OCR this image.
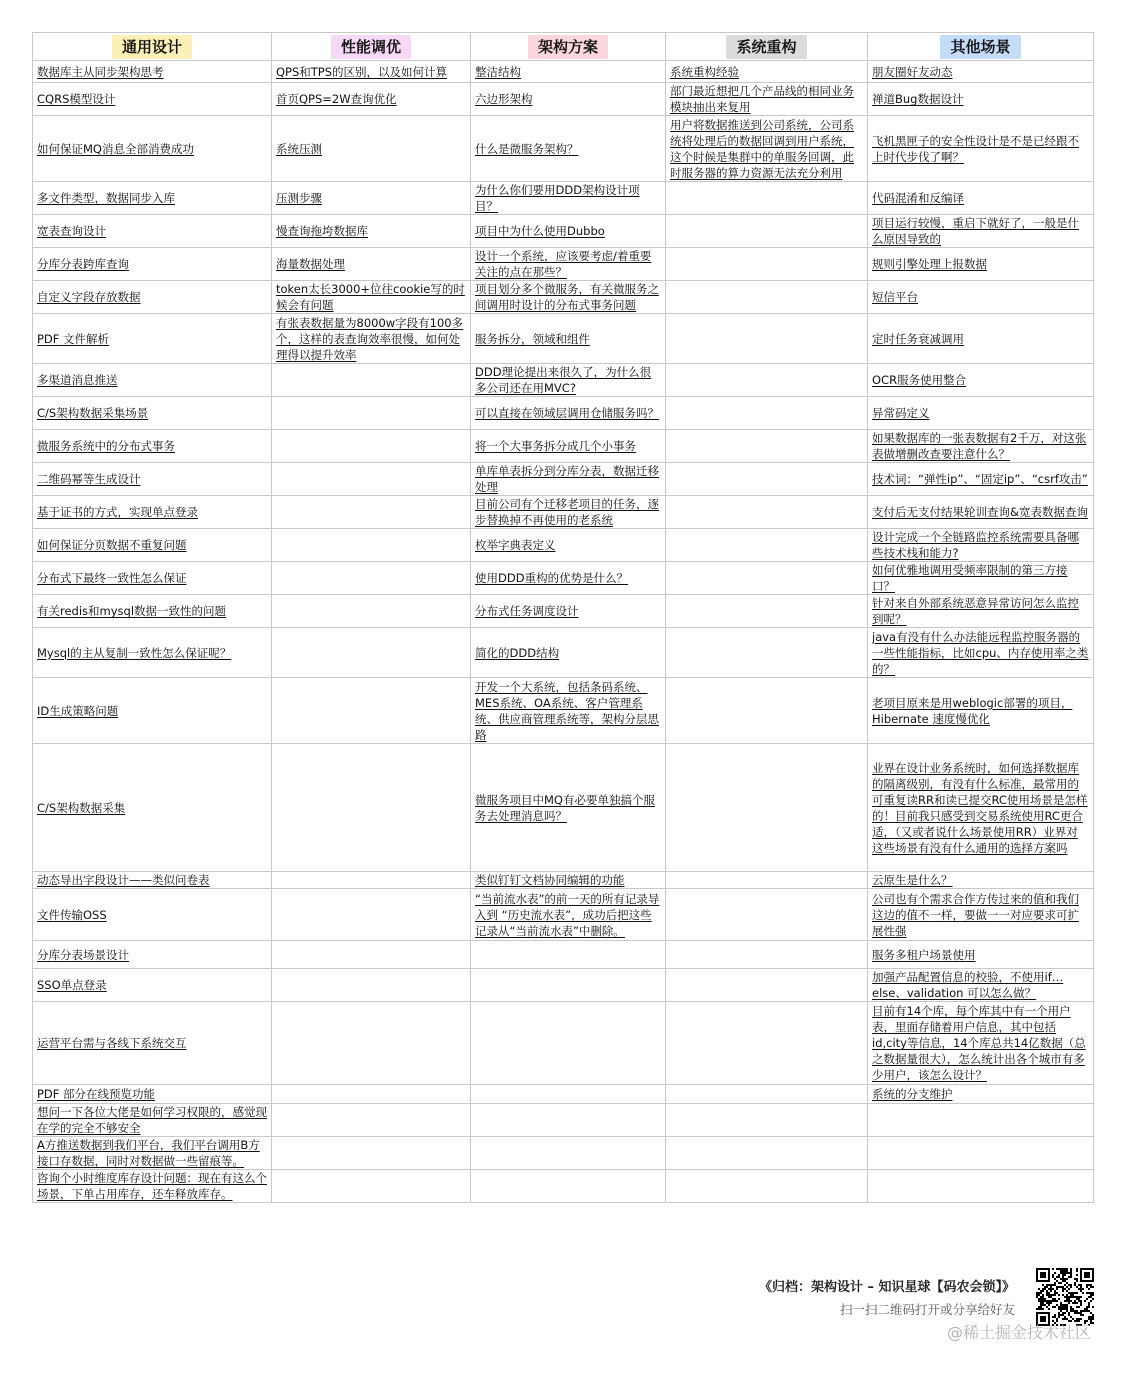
通用设计	性能调优	架构方案	系统重构	其他场景
数据库主从同步架构思考	QPS和TPS的区别，以及如何计算	整洁结构	系统重构经验	朋友圈好友动态
CQRS模型设计	首页QPS=2W查询优化	六边形架构	部门最近想把几个产品线的相同业务模块抽出来复用	禅道Bug数据设计
如何保证MQ消息全部消费成功	系统压测	什么是微服务架构？	用户将数据推送到公司系统，公司系统将处理后的数据回调到用户系统，这个时候是集群中的单服务回调，此时服务器的算力资源无法充分利用	飞机黑匣子的安全性设计是不是已经跟不上时代步伐了啊？
多文件类型，数据同步入库	压测步骤	为什么你们要用DDD架构设计项目？		代码混淆和反编译
宽表查询设计	慢查询拖垮数据库	项目中为什么使用Dubbo		项目运行较慢，重启下就好了，一般是什么原因导致的
分库分表跨库查询	海量数据处理	设计一个系统，应该要考虑/着重要关注的点在那些？		规则引擎处理上报数据
自定义字段存放数据	token太长3000+位往cookie写的时候会有问题	项目划分多个微服务，有关微服务之间调用时设计的分布式事务问题		短信平台
PDF 文件解析	有张表数据量为8000w字段有100多个，这样的表查询效率很慢，如何处理得以提升效率	服务拆分，领域和组件		定时任务衰减调用
多渠道消息推送		DDD理论提出来很久了，为什么很多公司还在用MVC?		OCR服务使用整合
C/S架构数据采集场景		可以直接在领域层调用仓储服务吗？		异常码定义
微服务系统中的分布式事务		将一个大事务拆分成几个小事务		如果数据库的一张表数据有2千万，对这张表做增删改查要注意什么？
二维码幂等生成设计		单库单表拆分到分库分表，数据迁移处理		技术词：“弹性ip”、“固定ip”、“csrf攻击”
基于证书的方式，实现单点登录		目前公司有个迁移老项目的任务，逐步替换掉不再使用的老系统		支付后无支付结果轮训查询&宽表数据查询
如何保证分页数据不重复问题		枚举字典表定义		设计完成一个全链路监控系统需要具备哪些技术栈和能力?
分布式下最终一致性怎么保证		使用DDD重构的优势是什么？		如何优雅地调用受频率限制的第三方接口？
有关redis和mysql数据一致性的问题		分布式任务调度设计		针对来自外部系统恶意异常访问怎么监控到呢？
Mysql的主从复制一致性怎么保证呢？		简化的DDD结构		java有没有什么办法能远程监控服务器的一些性能指标，比如cpu、内存使用率之类的？
ID生成策略问题		开发一个大系统，包括条码系统、MES系统、OA系统、客户管理系统、供应商管理系统等，架构分层思路		老项目原来是用weblogic部署的项目，Hibernate 速度慢优化
C/S架构数据采集		微服务项目中MQ有必要单独搞个服务去处理消息吗？		业界在设计业务系统时，如何选择数据库的隔离级别，有没有什么标准，最常用的可重复读RR和读已提交RC使用场景是怎样的！目前我只感受到交易系统使用RC更合适，（又或者说什么场景使用RR）业界对这些场景有没有什么通用的选择方案吗
动态导出字段设计——类似问卷表		类似钉钉文档协同编辑的功能		云原生是什么？
文件传输OSS		“当前流水表”的前一天的所有记录导入到 “历史流水表”，成功后把这些记录从“当前流水表”中删除。		公司也有个需求合作方传过来的值和我们这边的值不一样，要做一一对应要求可扩展性强
分库分表场景设计				服务多租户场景使用
SSO单点登录				加强产品配置信息的校验，不使用if…else、validation 可以怎么做？
运营平台需与各线下系统交互				目前有14个库，每个库其中有一个用户表，里面存储着用户信息，其中包括id,city等信息，14个库总共14亿数据（总之数据量很大），怎么统计出各个城市有多少用户，该怎么设计？
PDF 部分在线预览功能				系统的分支维护
想问一下各位大佬是如何学习权限的，感觉现在学的完全不够安全				
A方推送数据到我们平台，我们平台调用B方接口存数据，同时对数据做一些留痕等。				
咨询个小时维度库存设计问题：现在有这么个场景，下单占用库存，还车释放库存。				
《归档：架构设计 – 知识星球【码农会锁】》
扫一扫二维码打开或分享给好友
@稀土掘金技术社区
